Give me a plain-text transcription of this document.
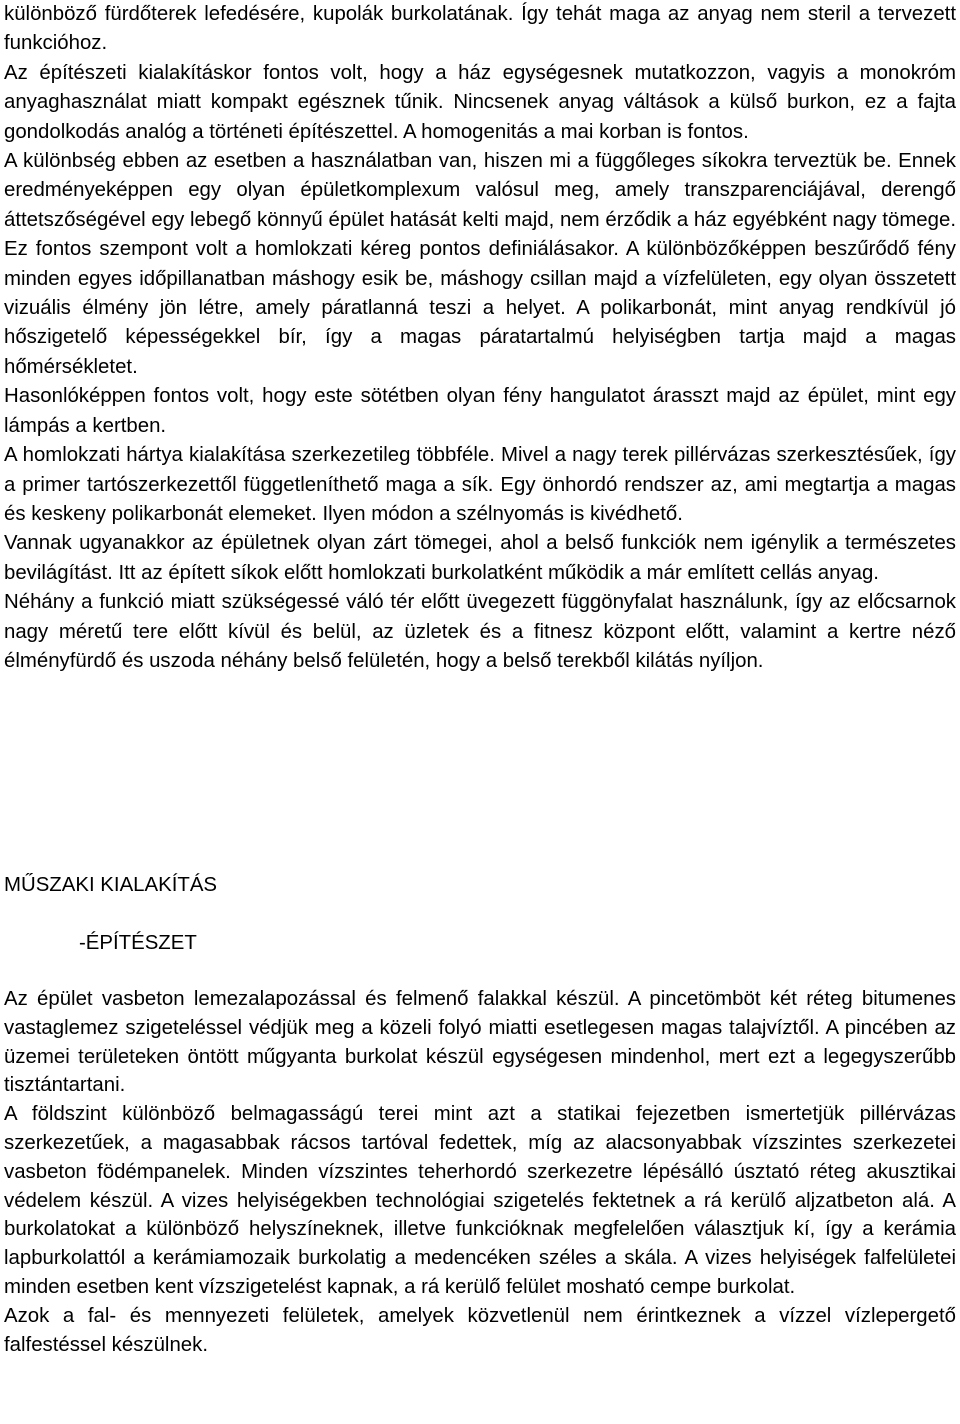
különböző fürdőterek lefedésére, kupolák burkolatának. Így tehát maga az anyag nem steril a tervezett funkcióhoz.

Az építészeti kialakításkor fontos volt, hogy a ház egységesnek mutatkozzon, vagyis a monokróm anyaghasználat miatt kompakt egésznek tűnik. Nincsenek anyag váltások a külső burkon, ez a fajta gondolkodás analóg a történeti építészettel. A homogenitás a mai korban is fontos.

A különbség ebben az esetben a használatban van, hiszen mi a függőleges síkokra terveztük be. Ennek eredményeképpen egy olyan épületkomplexum valósul meg, amely transzparenciájával, derengő áttetszőségével egy lebegő könnyű épület hatását kelti majd, nem érződik a ház egyébként nagy tömege. Ez fontos szempont volt a homlokzati kéreg pontos definiálásakor. A különbözőképpen beszűrődő fény minden egyes időpillanatban máshogy esik be, máshogy csillan majd a vízfelületen, egy olyan összetett vizuális élmény jön létre, amely páratlanná teszi a helyet. A polikarbonát, mint anyag rendkívül jó hőszigetelő képességekkel bír, így a magas páratartalmú helyiségben tartja majd a magas hőmérsékletet.

Hasonlóképpen fontos volt, hogy este sötétben olyan fény hangulatot árasszt majd az épület, mint egy lámpás a kertben.

A homlokzati hártya kialakítása szerkezetileg többféle. Mivel a nagy terek pillérvázas szerkesztésűek, így a primer tartószerkezettől függetleníthető maga a sík. Egy önhordó rendszer az, ami megtartja a magas és keskeny polikarbonát elemeket. Ilyen módon a szélnyomás is kivédhető.

Vannak ugyanakkor az épületnek olyan zárt tömegei, ahol a belső funkciók nem igénylik a természetes bevilágítást. Itt az épített síkok előtt homlokzati burkolatként működik a már említett cellás anyag.

Néhány a funkció miatt szükségessé váló tér előtt üvegezett függönyfalat használunk, így az előcsarnok nagy méretű tere előtt kívül és belül, az üzletek és a fitnesz központ előtt, valamint a kertre néző élményfürdő és uszoda néhány belső felületén, hogy a belső terekből kilátás nyíljon.

MŰSZAKI KIALAKÍTÁS
-ÉPÍTÉSZET

Az épület vasbeton lemezalapozással és felmenő falakkal készül. A pincetömböt két réteg bitumenes vastaglemez szigeteléssel védjük meg a közeli folyó miatti esetlegesen magas talajvíztől. A pincében az üzemei területeken öntött műgyanta burkolat készül egységesen mindenhol, mert ezt a legegyszerűbb tisztántartani.

A földszint különböző belmagasságú terei mint azt a statikai fejezetben ismertetjük pillérvázas szerkezetűek, a magasabbak rácsos tartóval fedettek, míg az alacsonyabbak vízszintes szerkezetei vasbeton födémpanelek. Minden vízszintes teherhordó szerkezetre lépésálló úsztató réteg akusztikai védelem készül. A vizes helyiségekben technológiai szigetelés fektetnek a rá kerülő aljzatbeton alá. A burkolatokat a különböző helyszíneknek, illetve funkcióknak megfelelően választjuk kí, így a kerámia lapburkolattól a kerámiamozaik burkolatig a medencéken széles a skála. A vizes helyiségek falfelületei minden esetben kent vízszigetelést kapnak, a rá kerülő felület mosható cempe burkolat.

Azok a fal- és mennyezeti felületek, amelyek közvetlenül nem érintkeznek a vízzel vízlepergető falfestéssel készülnek.
